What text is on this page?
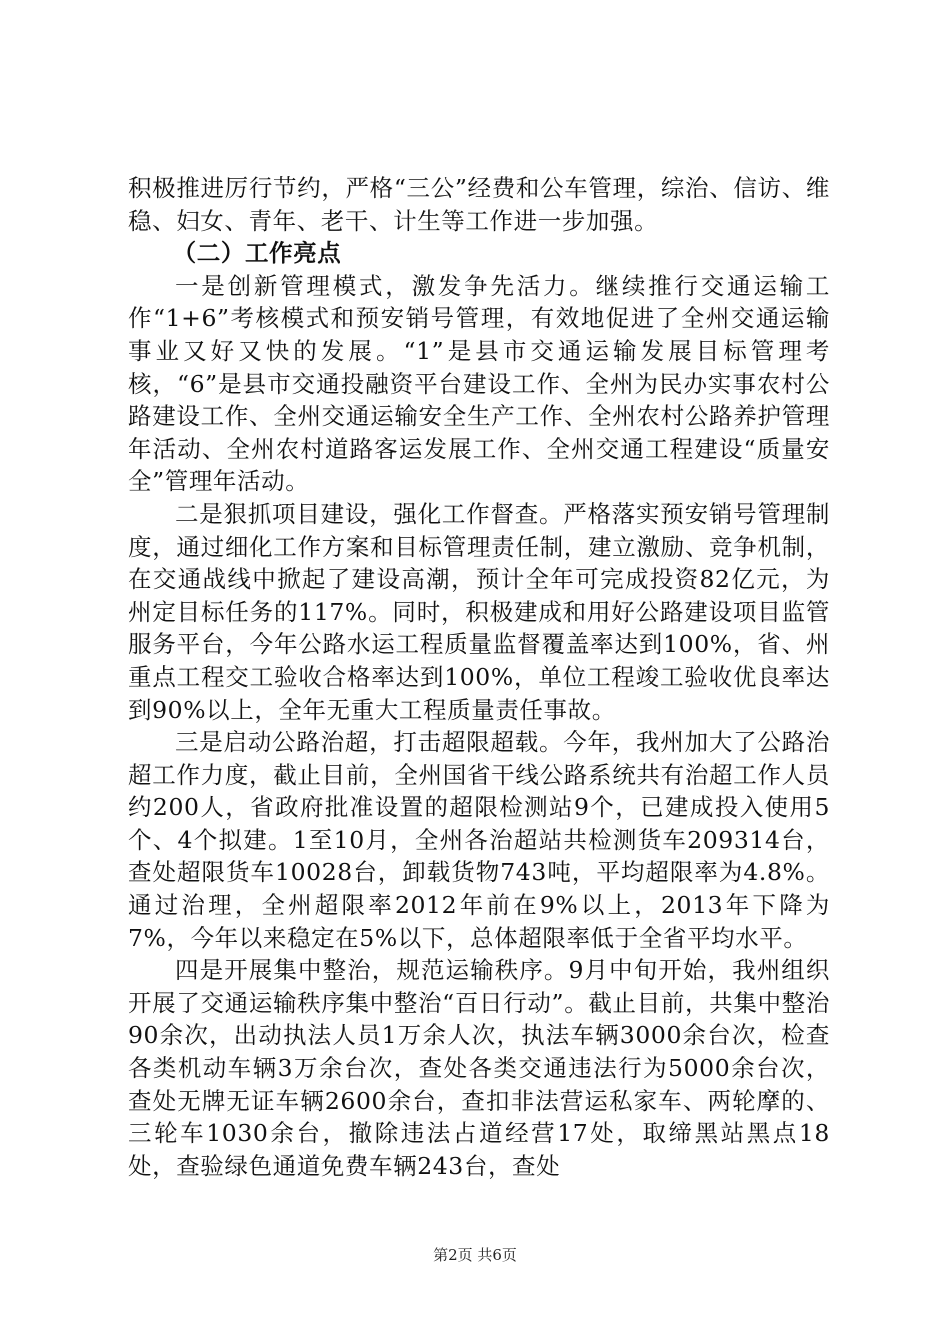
积极推进厉行节约，严格“三公”经费和公车管理，综治、信访、维稳、妇女、青年、老干、计生等工作进一步加强。

（二）工作亮点

一是创新管理模式，激发争先活力。继续推行交通运输工作“1+6”考核模式和预安销号管理，有效地促进了全州交通运输事业又好又快的发展。“1”是县市交通运输发展目标管理考核，“6”是县市交通投融资平台建设工作、全州为民办实事农村公路建设工作、全州交通运输安全生产工作、全州农村公路养护管理年活动、全州农村道路客运发展工作、全州交通工程建设“质量安全”管理年活动。

二是狠抓项目建设，强化工作督查。严格落实预安销号管理制度，通过细化工作方案和目标管理责任制，建立激励、竞争机制，在交通战线中掀起了建设高潮，预计全年可完成投资82亿元，为州定目标任务的117%。同时，积极建成和用好公路建设项目监管服务平台，今年公路水运工程质量监督覆盖率达到100%，省、州重点工程交工验收合格率达到100%，单位工程竣工验收优良率达到90%以上，全年无重大工程质量责任事故。

三是启动公路治超，打击超限超载。今年，我州加大了公路治超工作力度，截止目前，全州国省干线公路系统共有治超工作人员约200人，省政府批准设置的超限检测站9个，已建成投入使用5个、4个拟建。1至10月，全州各治超站共检测货车209314台，查处超限货车10028台，卸载货物743吨，平均超限率为4.8%。通过治理，全州超限率2012年前在9%以上，2013年下降为7%，今年以来稳定在5%以下，总体超限率低于全省平均水平。

四是开展集中整治，规范运输秩序。9月中旬开始，我州组织开展了交通运输秩序集中整治“百日行动”。截止目前，共集中整治90余次，出动执法人员1万余人次，执法车辆3000余台次，检查各类机动车辆3万余台次，查处各类交通违法行为5000余台次，查处无牌无证车辆2600余台，查扣非法营运私家车、两轮摩的、三轮车1030余台，撤除违法占道经营17处，取缔黑站黑点18处，查验绿色通道免费车辆243台，查处

第2页 共6页
